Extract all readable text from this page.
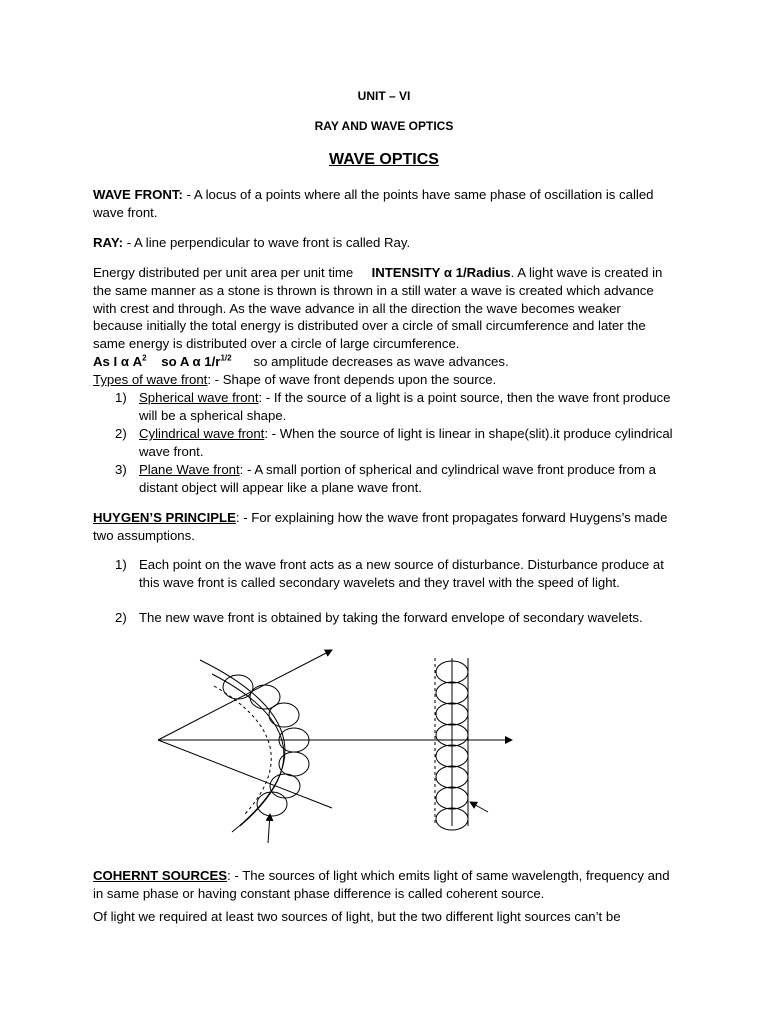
UNIT – VI
RAY AND WAVE OPTICS
WAVE OPTICS
WAVE FRONT: - A locus of a points where all the points have same phase of oscillation is called wave front.
RAY: - A line perpendicular to wave front is called Ray.
Energy distributed per unit area per unit time     INTENSITY α 1/Radius. A light wave is created in the same manner as a stone is thrown is thrown in a still water a wave is created which advance with crest and through. As the wave advance in all the direction the wave becomes weaker because initially the total energy is distributed over a circle of small circumference and later the same energy is distributed over a circle of large circumference.
As I α $A^2$ so A α $1/r^{1/2}$ so amplitude decreases as wave advances.
Types of wave front: - Shape of wave front depends upon the source.
1) Spherical wave front: - If the source of a light is a point source, then the wave front produce will be a spherical shape.
2) Cylindrical wave front: - When the source of light is linear in shape(slit).it produce cylindrical wave front.
3) Plane Wave front: - A small portion of spherical and cylindrical wave front produce from a distant object will appear like a plane wave front.
HUYGEN’S PRINCIPLE: - For explaining how the wave front propagates forward Huygens’s made two assumptions.
1) Each point on the wave front acts as a new source of disturbance. Disturbance produce at this wave front is called secondary wavelets and they travel with the speed of light.
2) The new wave front is obtained by taking the forward envelope of secondary wavelets.
COHERNT SOURCES: - The sources of light which emits light of same wavelength, frequency and in same phase or having constant phase difference is called coherent source.
Of light we required at least two sources of light, but the two different light sources can’t be
